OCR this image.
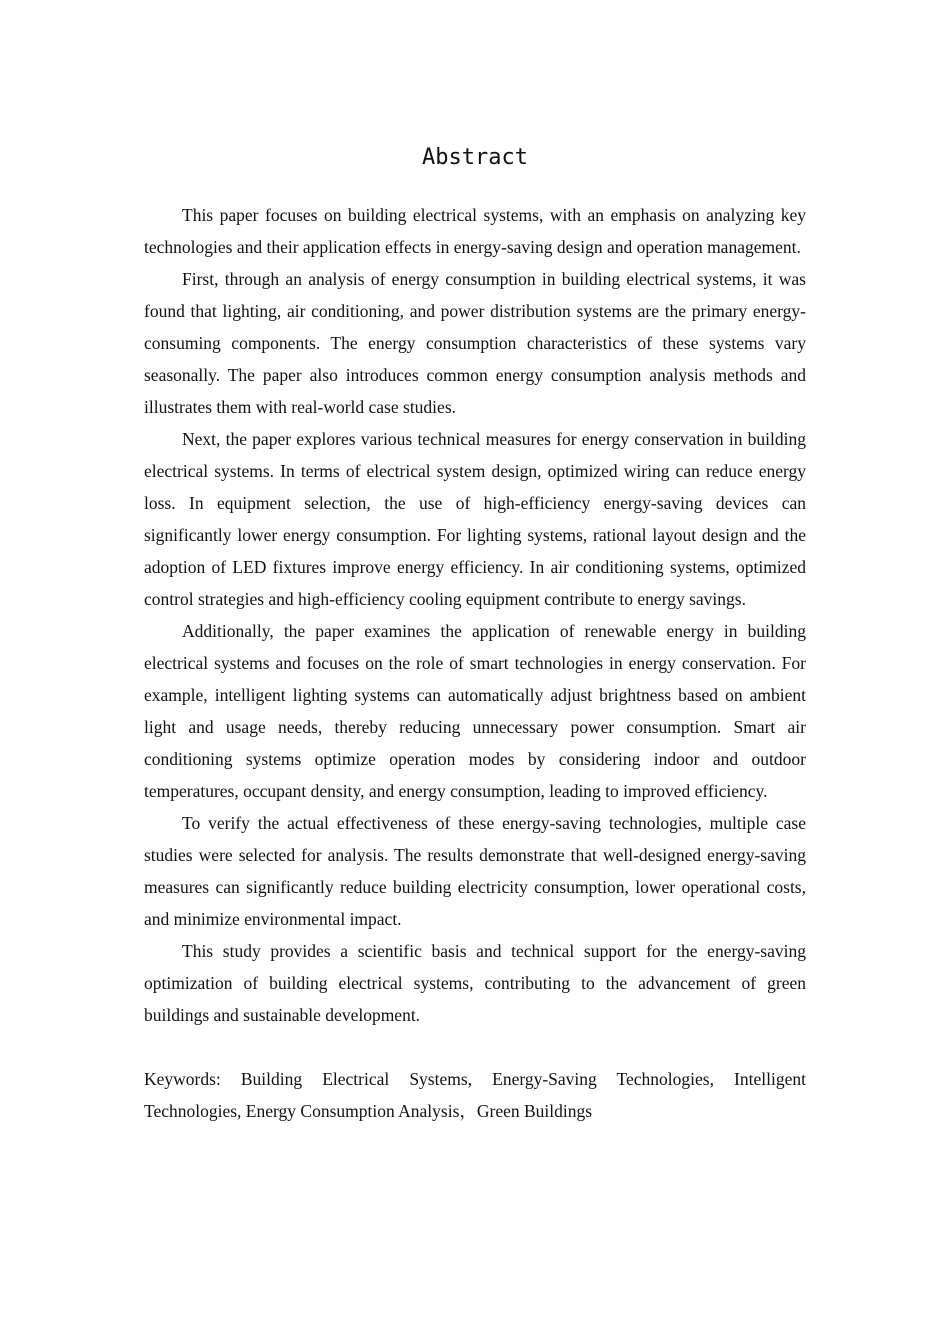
Abstract

This paper focuses on building electrical systems, with an emphasis on analyzing key technologies and their application effects in energy-saving design and operation management.

First, through an analysis of energy consumption in building electrical systems, it was found that lighting, air conditioning, and power distribution systems are the primary energy-consuming components. The energy consumption characteristics of these systems vary seasonally. The paper also introduces common energy consumption analysis methods and illustrates them with real-world case studies.

Next, the paper explores various technical measures for energy conservation in building electrical systems. In terms of electrical system design, optimized wiring can reduce energy loss. In equipment selection, the use of high-efficiency energy-saving devices can significantly lower energy consumption. For lighting systems, rational layout design and the adoption of LED fixtures improve energy efficiency. In air conditioning systems, optimized control strategies and high-efficiency cooling equipment contribute to energy savings.

Additionally, the paper examines the application of renewable energy in building electrical systems and focuses on the role of smart technologies in energy conservation. For example, intelligent lighting systems can automatically adjust brightness based on ambient light and usage needs, thereby reducing unnecessary power consumption. Smart air conditioning systems optimize operation modes by considering indoor and outdoor temperatures, occupant density, and energy consumption, leading to improved efficiency.

To verify the actual effectiveness of these energy-saving technologies, multiple case studies were selected for analysis. The results demonstrate that well-designed energy-saving measures can significantly reduce building electricity consumption, lower operational costs, and minimize environmental impact.

This study provides a scientific basis and technical support for the energy-saving optimization of building electrical systems, contributing to the advancement of green buildings and sustainable development.

Keywords: Building Electrical Systems, Energy-Saving Technologies, Intelligent Technologies, Energy Consumption Analysis，Green Buildings
